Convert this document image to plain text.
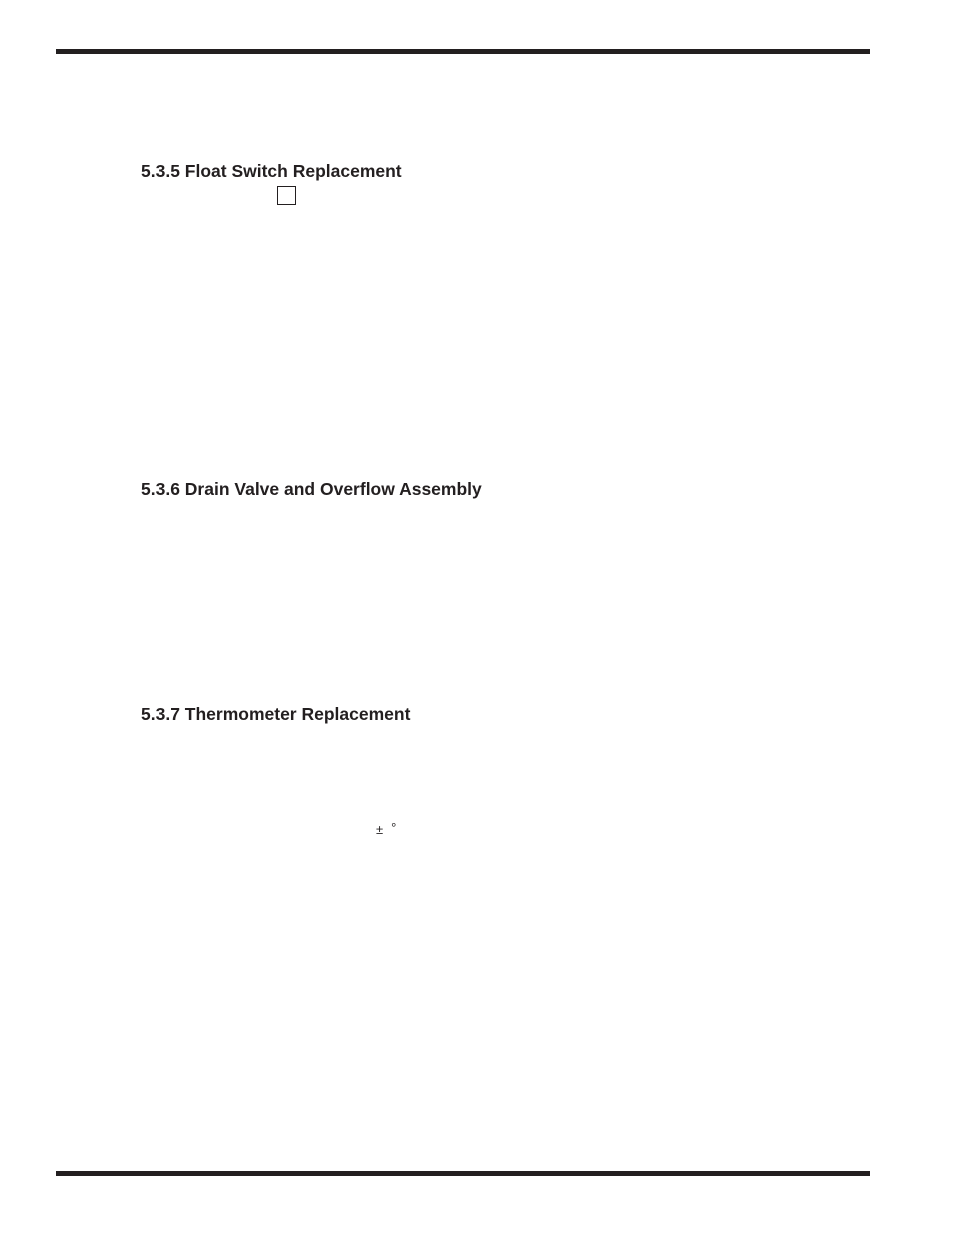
5.3.5 Float Switch Replacement
5.3.6 Drain Valve and Overflow Assembly
5.3.7 Thermometer Replacement
± °
